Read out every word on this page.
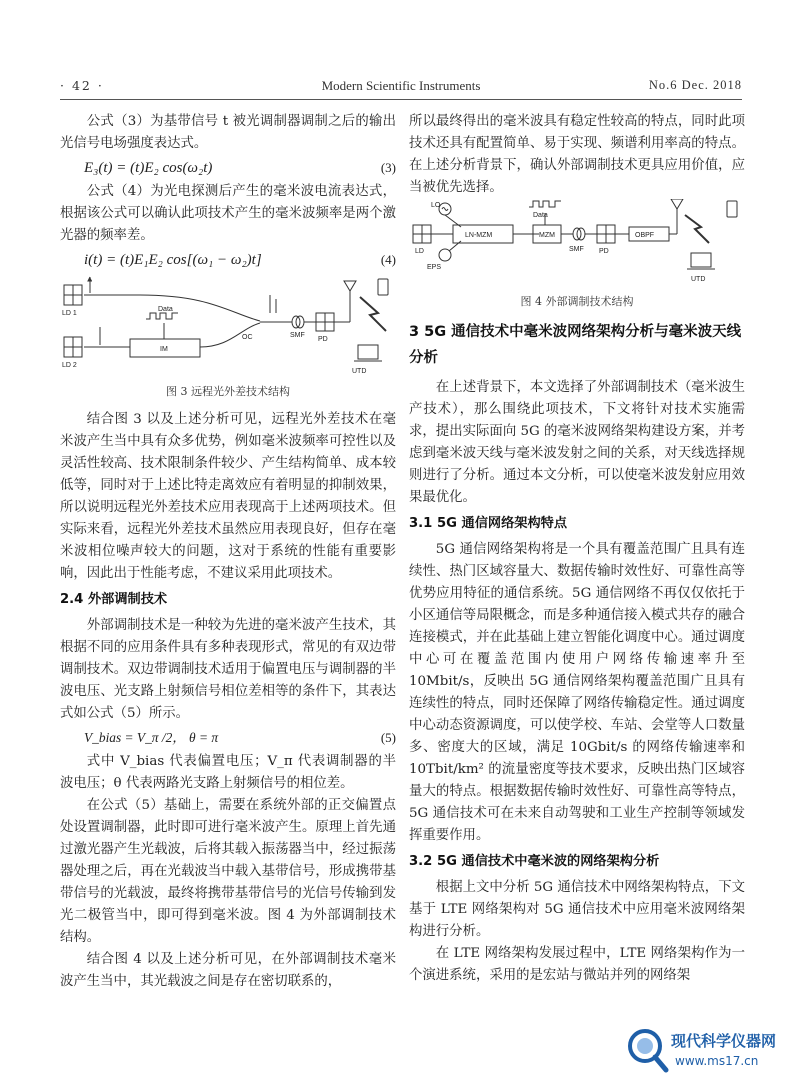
Modern Scientific Instruments
· 42 ·	No.6 Dec. 2018

公式（3）为基带信号 t 被光调制器调制之后的输出光信号电场强度表达式。

E₃(t) = (t)E₂ cos(ω₂t)	(3)

公式（4）为光电探测后产生的毫米波电流表达式，根据该公式可以确认此项技术产生的毫米波频率是两个激光器的频率差。

i(t) = (t)E₁E₂ cos[(ω₁ − ω₂)t]	(4)
LD 1
LD 2
Data
IM
OC	SMF
PD
UTD
图 3 远程光外差技术结构

结合图 3 以及上述分析可见，远程光外差技术在毫米波产生当中具有众多优势，例如毫米波频率可控性以及灵活性较高、技术限制条件较少、产生结构简单、成本较低等，同时对于上述比特走离效应有着明显的抑制效果，所以说明远程光外差技术应用表现高于上述两项技术。但实际来看，远程光外差技术虽然应用表现良好，但存在毫米波相位噪声较大的问题，这对于系统的性能有重要影响，因此出于性能考虑，不建议采用此项技术。

2.4 外部调制技术

外部调制技术是一种较为先进的毫米波产生技术，其根据不同的应用条件具有多种表现形式，常见的有双边带调制技术。双边带调制技术适用于偏置电压与调制器的半波电压、光支路上射频信号相位差相等的条件下，其表达式如公式（5）所示。

V_bias = V_π /2， θ = π	(5)

式中 V_bias 代表偏置电压；V_π 代表调制器的半波电压；θ 代表两路光支路上射频信号的相位差。

在公式（5）基础上，需要在系统外部的正交偏置点处设置调制器，此时即可进行毫米波产生。原理上首先通过激光器产生光载波，后将其载入振荡器当中，经过振荡器处理之后，再在光载波当中载入基带信号，形成携带基带信号的光载波，最终将携带基带信号的光信号传输到发光二极管当中，即可得到毫米波。图 4 为外部调制技术结构。

结合图 4 以及上述分析可见，在外部调制技术毫米波产生当中，其光载波之间是存在密切联系的，

所以最终得出的毫米波具有稳定性较高的特点，同时此项技术还具有配置简单、易于实现、频谱利用率高的特点。在上述分析背景下，确认外部调制技术更具应用价值，应当被优先选择。

LO
LD
EPS
LN-MZM
Data
MZM
SMF PD
OBPF
UTD
图 4 外部调制技术结构
3 5G 通信技术中毫米波网络架构分析与毫米波天线分析

在上述背景下，本文选择了外部调制技术（毫米波生产技术），那么围绕此项技术，下文将针对技术实施需求，提出实际面向 5G 的毫米波网络架构建设方案，并考虑到毫米波天线与毫米波发射之间的关系，对天线选择规则进行了分析。通过本文分析，可以使毫米波发射应用效果最优化。

3.1 5G 通信网络架构特点

5G 通信网络架构将是一个具有覆盖范围广且具有连续性、热门区域容量大、数据传输时效性好、可靠性高等优势应用特征的通信系统。5G 通信网络不再仅仅依托于小区通信等局限概念，而是多种通信接入模式共存的融合连接模式，并在此基础上建立智能化调度中心。通过调度中心可在覆盖范围内使用户网络传输速率升至 10Mbit/s，反映出 5G 通信网络架构覆盖范围广且具有连续性的特点，同时还保障了网络传输稳定性。通过调度中心动态资源调度，可以使学校、车站、会堂等人口数量多、密度大的区域，满足 10Gbit/s 的网络传输速率和 10Tbit/km² 的流量密度等技术要求，反映出热门区域容量大的特点。根据数据传输时效性好、可靠性高等特点，5G 通信技术可在未来自动驾驶和工业生产控制等领域发挥重要作用。

3.2 5G 通信技术中毫米波的网络架构分析

根据上文中分析 5G 通信技术中网络架构特点，下文基于 LTE 网络架构对 5G 通信技术中应用毫米波网络架构进行分析。

在 LTE 网络架构发展过程中，LTE 网络架构作为一个演进系统，采用的是宏站与微站并列的网络架

现代科学仪器网
www.ms17.cn
